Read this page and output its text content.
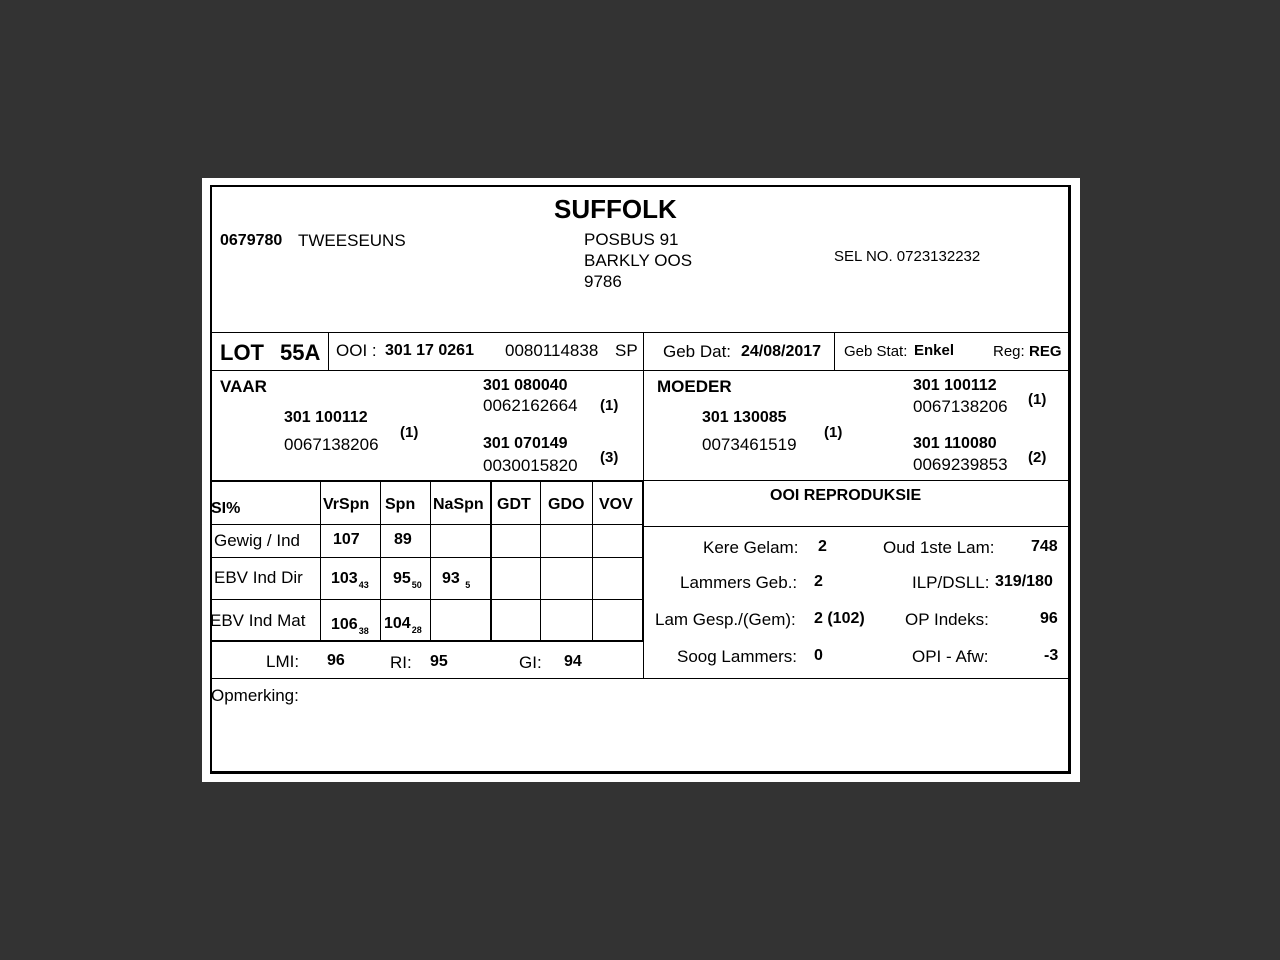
SUFFOLK
0679780 TWEESEUNS	POSBUS 91
BARKLY OOS
9786
SEL NO. 0723132232
LOT 55A OOI : 301 17 0261 0080114838 SP Geb Dat: 24/08/2017 Geb Stat: Enkel	Reg: REG
VAAR
301 100112
0067138206
(1)
301 080040
0062162664 (1)
301 070149
0030015820 (3)
MOEDER
301 130085
0073461519
(1)
301 100112
0067138206 (1)
301 110080
0069239853 (2)
SI%	VrSpn Spn NaSpn GDT GDO VOV
Gewig / Ind 107 89
EBV Ind Dir $103_{43}$ $95_{50}$ 93 $_5$
EBV Ind Mat $106_{38}$ $104_{28}$
LMI: 96	RI: 95	GI: 94
OOI REPRODUKSIE
Kere Gelam: 2	Oud 1ste Lam: 748
Lammers Geb.: 2	ILP/DSLL: 319/180
Lam Gesp./(Gem): 2 (102) OP Indeks:	96
Soog Lammers: 0	OPI - Afw:	-3
Opmerking:
